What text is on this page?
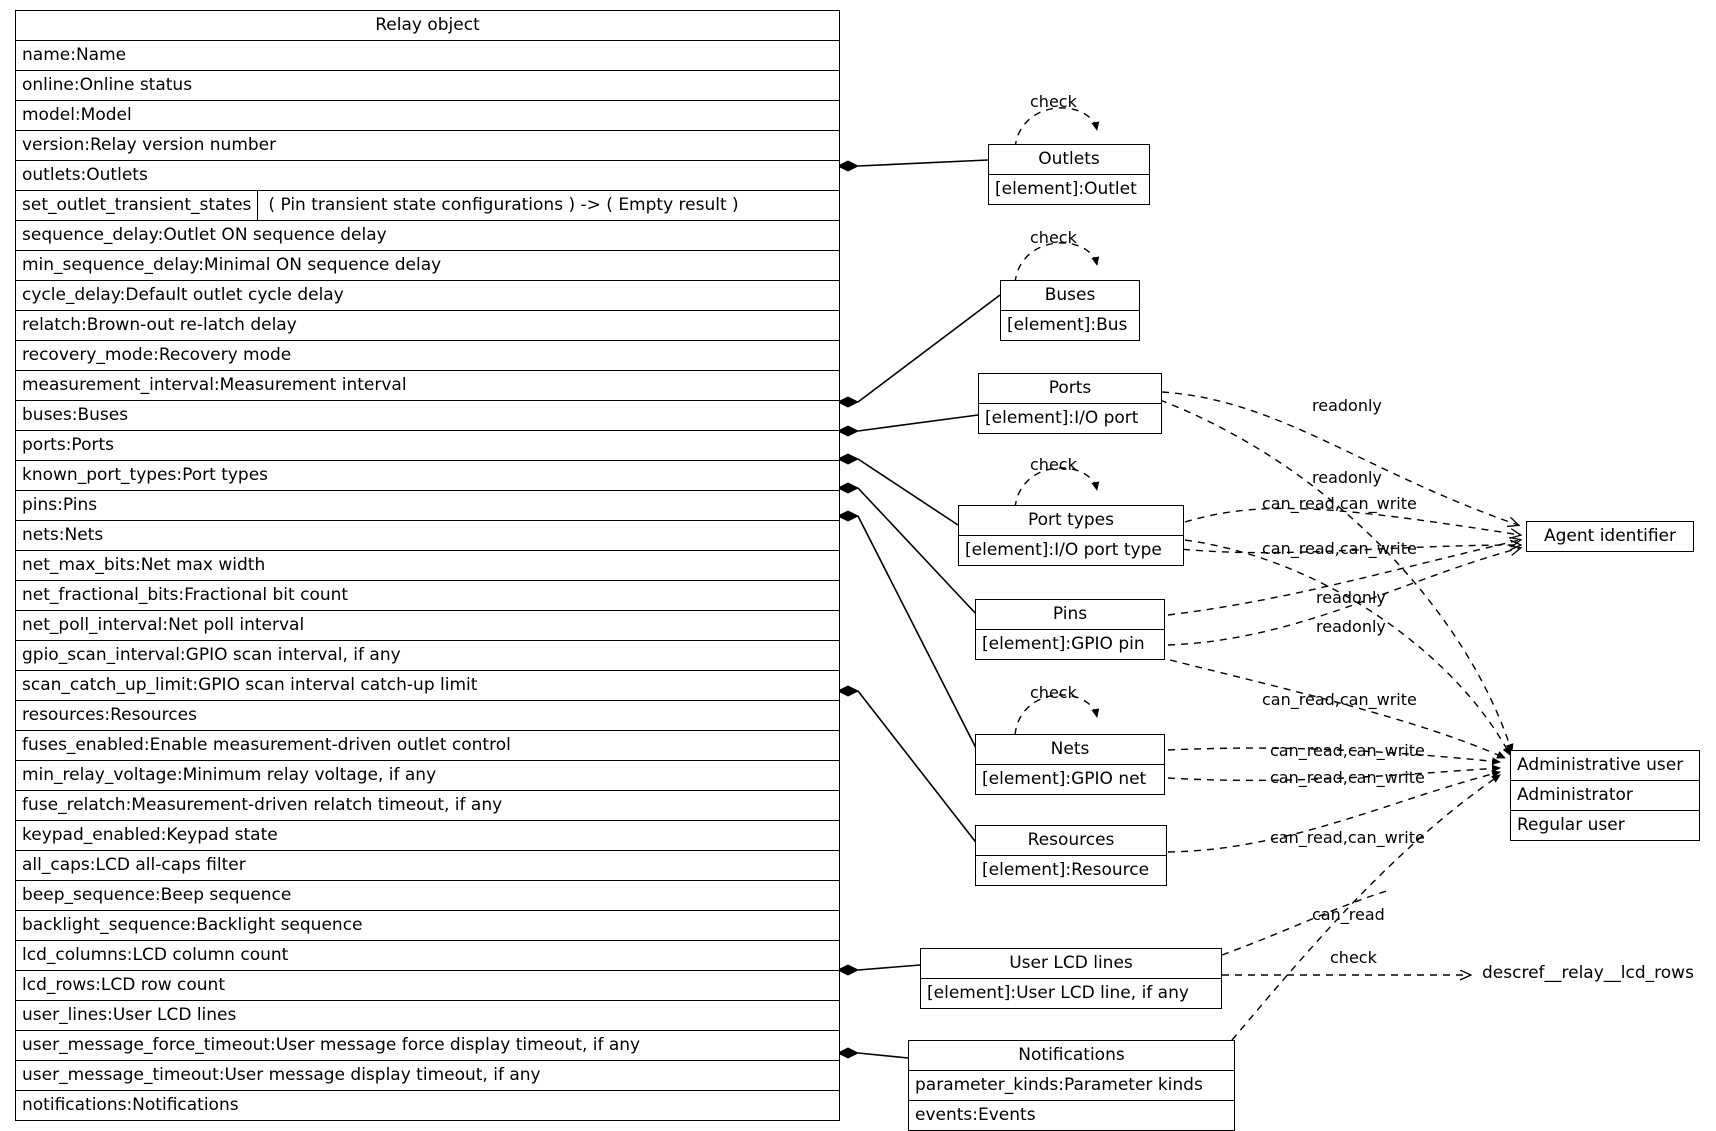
Relay object
name:Name
online:Online status
model:Model
version:Relay version number
outlets:Outlets
set_outlet_transient_states	( Pin transient state configurations ) -> ( Empty result )
sequence_delay:Outlet ON sequence delay
min_sequence_delay:Minimal ON sequence delay
cycle_delay:Default outlet cycle delay
relatch:Brown-out re-latch delay
recovery_mode:Recovery mode
measurement_interval:Measurement interval
buses:Buses
ports:Ports
known_port_types:Port types
pins:Pins
nets:Nets
net_max_bits:Net max width
net_fractional_bits:Fractional bit count
net_poll_interval:Net poll interval
gpio_scan_interval:GPIO scan interval, if any
scan_catch_up_limit:GPIO scan interval catch-up limit
resources:Resources
fuses_enabled:Enable measurement-driven outlet control
min_relay_voltage:Minimum relay voltage, if any
fuse_relatch:Measurement-driven relatch timeout, if any
keypad_enabled:Keypad state
all_caps:LCD all-caps filter
beep_sequence:Beep sequence
backlight_sequence:Backlight sequence
lcd_columns:LCD column count
lcd_rows:LCD row count
user_lines:User LCD lines
user_message_force_timeout:User message force display timeout, if any
user_message_timeout:User message display timeout, if any
notifications:Notifications
Outlets
[element]:Outlet
Buses
[element]:Bus
Ports
[element]:I/O port
Port types
[element]:I/O port type
Pins
[element]:GPIO pin
Nets
[element]:GPIO net
Resources
[element]:Resource
User LCD lines
[element]:User LCD line, if any
Notifications
parameter_kinds:Parameter kinds
events:Events
Agent identifier
Administrative user
Administrator
Regular user
descref__relay__lcd_rows
check
check
check
check
check
readonly
readonly
readonly
readonly
can_read,can_write
can_read,can_write
can_read,can_write
can_read,can_write
can_read,can_write
can_read,can_write
can_read
